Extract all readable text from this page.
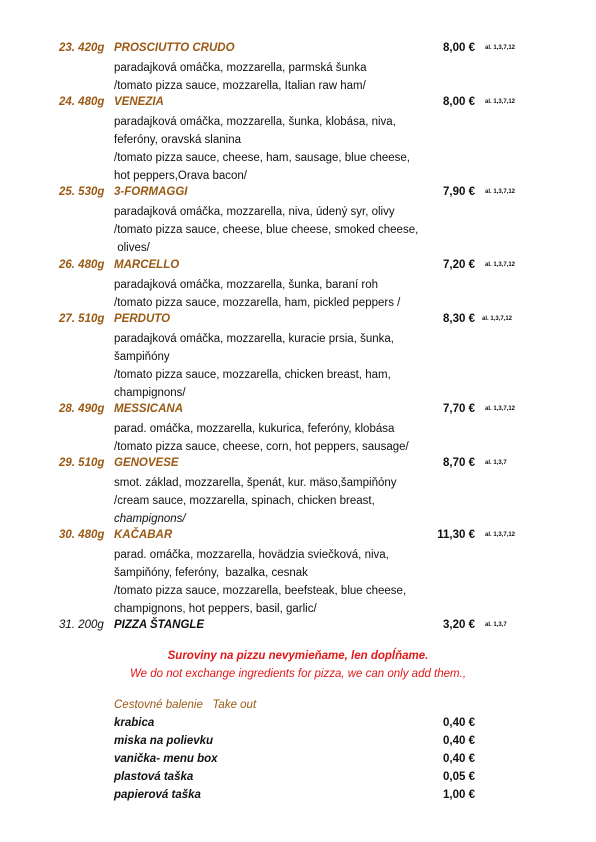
23. 420g PROSCIUTTO CRUDO	8,00 € al. 1,3,7,12
paradajková omáčka, mozzarella, parmská šunka
/tomato pizza sauce, mozzarella, Italian raw ham/
24. 480g VENEZIA	8,00 € al. 1,3,7,12
paradajková omáčka, mozzarella, šunka, klobása, niva,
feferóny, oravská slanina
/tomato pizza sauce, cheese, ham, sausage, blue cheese,
hot peppers,Orava bacon/
25. 530g 3-FORMAGGI	7,90 € al. 1,3,7,12
paradajková omáčka, mozzarella, niva, údený syr, olivy
/tomato pizza sauce, cheese, blue cheese, smoked cheese,
olives/
26. 480g MARCELLO	7,20 € al. 1,3,7,12
paradajková omáčka, mozzarella, šunka, baraní roh
/tomato pizza sauce, mozzarella, ham, pickled peppers /
27. 510g PERDUTO	8,30 € al. 1,3,7,12
paradajková omáčka, mozzarella, kuracie prsia, šunka,
šampiňóny
/tomato pizza sauce, mozzarella, chicken breast, ham,
champignons/
28. 490g MESSICANA	7,70 € al. 1,3,7,12
parad. omáčka, mozzarella, kukurica, feferóny, klobása
/tomato pizza sauce, cheese, corn, hot peppers, sausage/
29. 510g GENOVESE	8,70 € al. 1,3,7
smot. základ, mozzarella, špenát, kur. mäso,šampiňóny
/cream sauce, mozzarella, spinach, chicken breast,
champignons/
30. 480g KAČABAR	11,30 € al. 1,3,7,12
parad. omáčka, mozzarella, hovädzia sviečková, niva,
šampiňóny, feferóny,  bazalka, cesnak
/tomato pizza sauce, mozzarella, beefsteak, blue cheese,
champignons, hot peppers, basil, garlic/
31. 200g PIZZA ŠTANGLE	3,20 € al. 1,3,7
Suroviny na pizzu nevymieňame, len dopĺňame.
We do not exchange ingredients for pizza, we can only add them.,
Cestovné balenie   Take out
krabica	0,40 €
miska na polievku	0,40 €
vanička- menu box	0,40 €
plastová taška	0,05 €
papierová taška	1,00 €
